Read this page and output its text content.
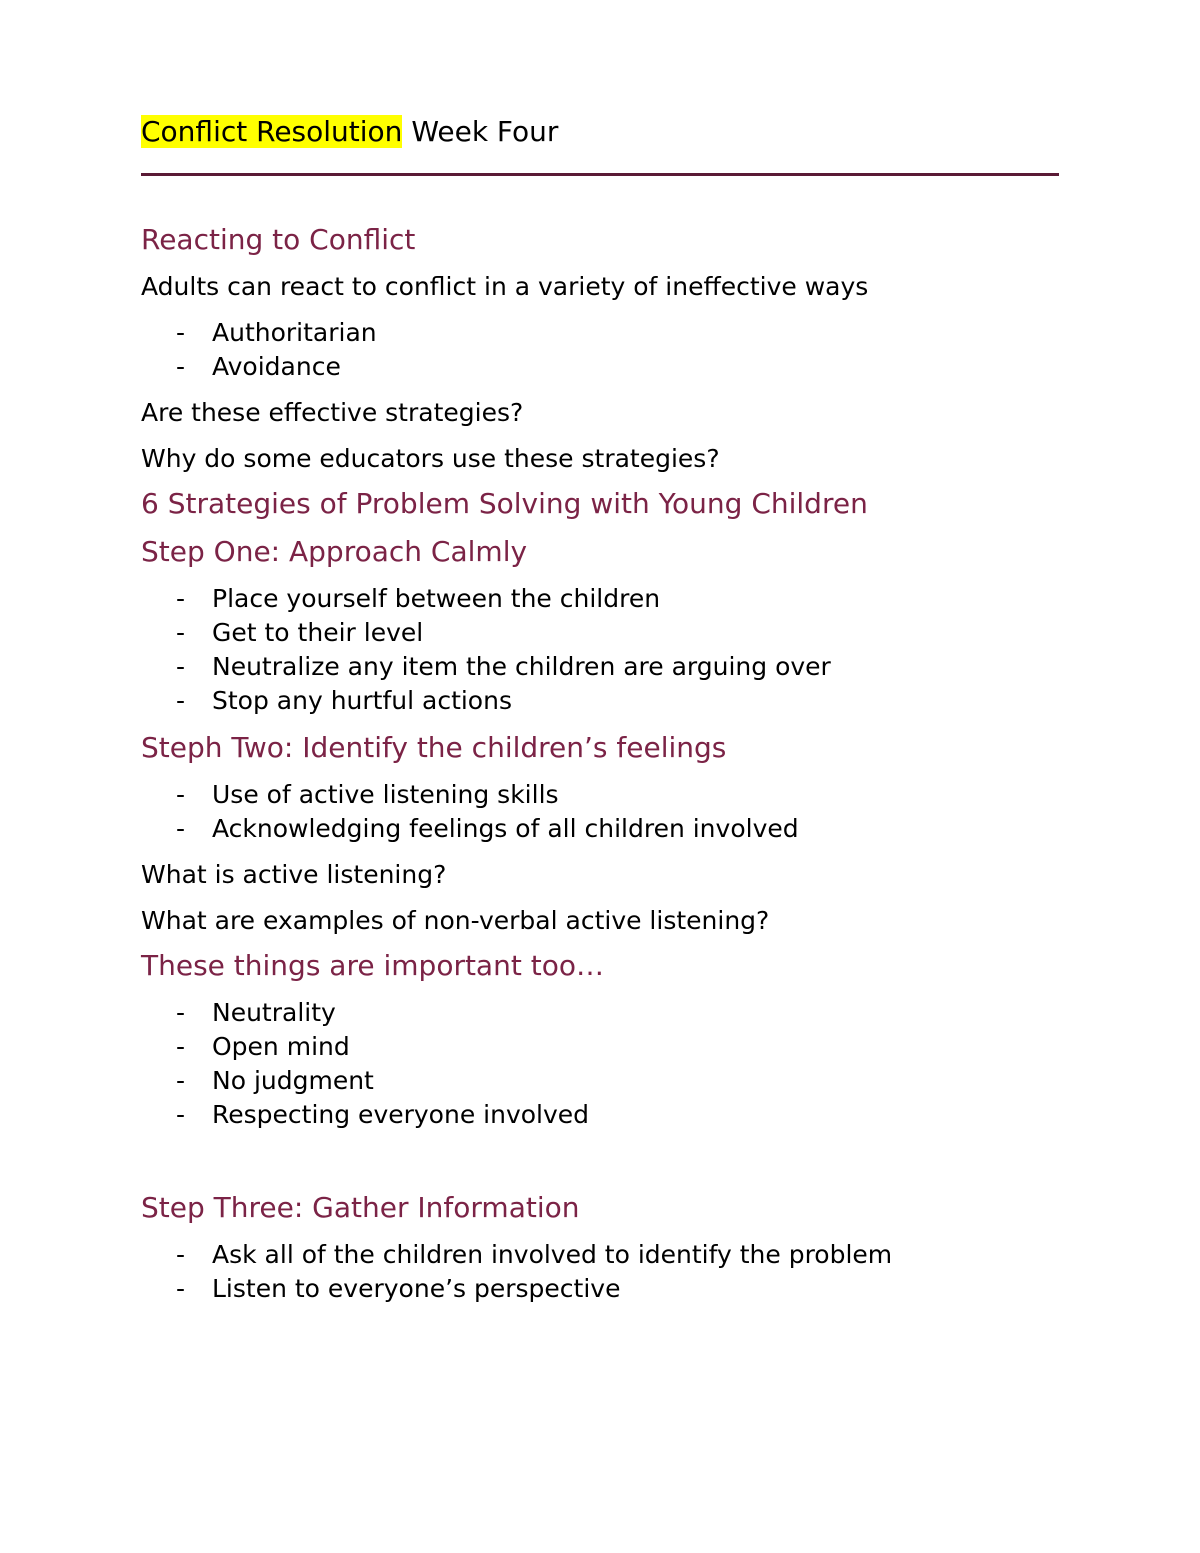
Conflict Resolution Week Four
Reacting to Conflict

Adults can react to conflict in a variety of ineffective ways

- Authoritarian
- Avoidance

Are these effective strategies?

Why do some educators use these strategies?

6 Strategies of Problem Solving with Young Children
Step One: Approach Calmly
- Place yourself between the children
- Get to their level
- Neutralize any item the children are arguing over
- Stop any hurtful actions
Steph Two: Identify the children’s feelings
- Use of active listening skills
- Acknowledging feelings of all children involved

What is active listening?

What are examples of non-verbal active listening?

These things are important too…
- Neutrality
- Open mind
- No judgment
- Respecting everyone involved
Step Three: Gather Information
- Ask all of the children involved to identify the problem
- Listen to everyone’s perspective
